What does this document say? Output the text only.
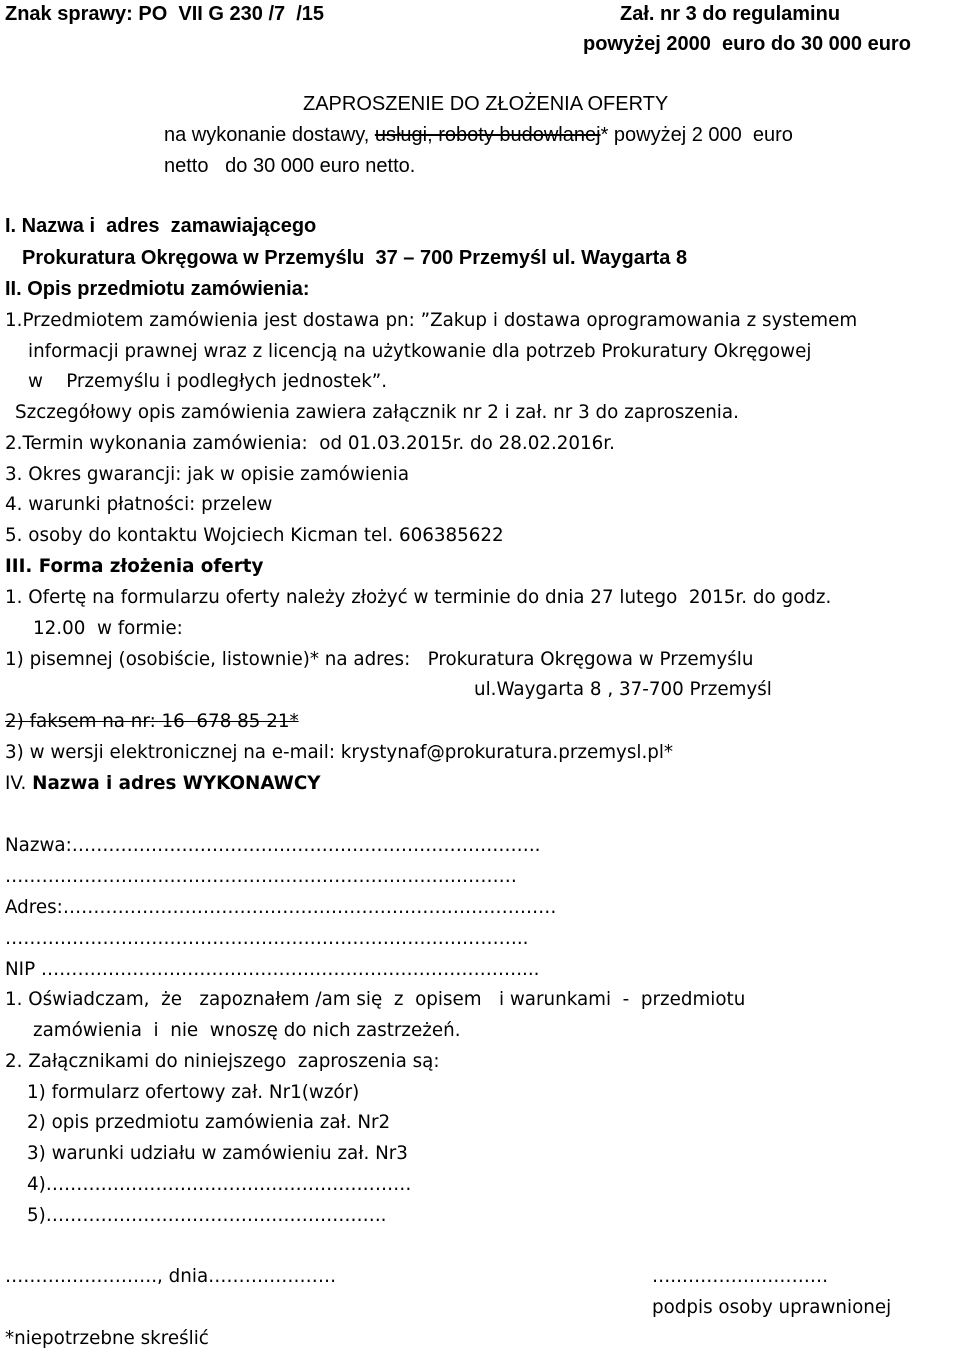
Znak sprawy: PO  VII G 230 /7  /15	Zał. nr 3 do regulaminu
powyżej 2000  euro do 30 000 euro
ZAPROSZENIE DO ZŁOŻENIA OFERTY
na wykonanie dostawy, usługi, roboty budowlanej* powyżej 2 000  euro
netto   do 30 000 euro netto.
I. Nazwa i  adres  zamawiającego
Prokuratura Okręgowa w Przemyślu  37 – 700 Przemyśl ul. Waygarta 8
II. Opis przedmiotu zamówienia:
1.Przedmiotem zamówienia jest dostawa pn: ”Zakup i dostawa oprogramowania z systemem
informacji prawnej wraz z licencją na użytkowanie dla potrzeb Prokuratury Okręgowej
w    Przemyślu i podległych jednostek”.
Szczegółowy opis zamówienia zawiera załącznik nr 2 i zał. nr 3 do zaproszenia.
2.Termin wykonania zamówienia:  od 01.03.2015r. do 28.02.2016r.
3. Okres gwarancji: jak w opisie zamówienia
4. warunki płatności: przelew
5. osoby do kontaktu Wojciech Kicman tel. 606385622
III. Forma złożenia oferty
1. Ofertę na formularzu oferty należy złożyć w terminie do dnia 27 lutego  2015r. do godz.
12.00  w formie:
1) pisemnej (osobiście, listownie)* na adres:   Prokuratura Okręgowa w Przemyślu
ul.Waygarta 8 , 37-700 Przemyśl
2) faksem na nr: 16  678 85 21*
3) w wersji elektronicznej na e-mail: krystynaf@prokuratura.przemysl.pl*
IV. Nazwa i adres WYKONAWCY
Nazwa:…………………………………………………………………..
…………………………………………………………………………
Adres:………………………………………………………………………
…………………………………………………………………………..
NIP ……………………………………………………………………....
1. Oświadczam,  że   zapoznałem /am się  z  opisem   i warunkami  -  przedmiotu
zamówienia  i  nie  wnoszę do nich zastrzeżeń.
2. Załącznikami do niniejszego  zaproszenia są:
1) formularz ofertowy zał. Nr1(wzór)
2) opis przedmiotu zamówienia zał. Nr2
3) warunki udziału w zamówieniu zał. Nr3
4)……………………………………………………
5)………………………………………………..
……………………., dnia…………………	…..……………………
podpis osoby uprawnionej
*niepotrzebne skreślić
